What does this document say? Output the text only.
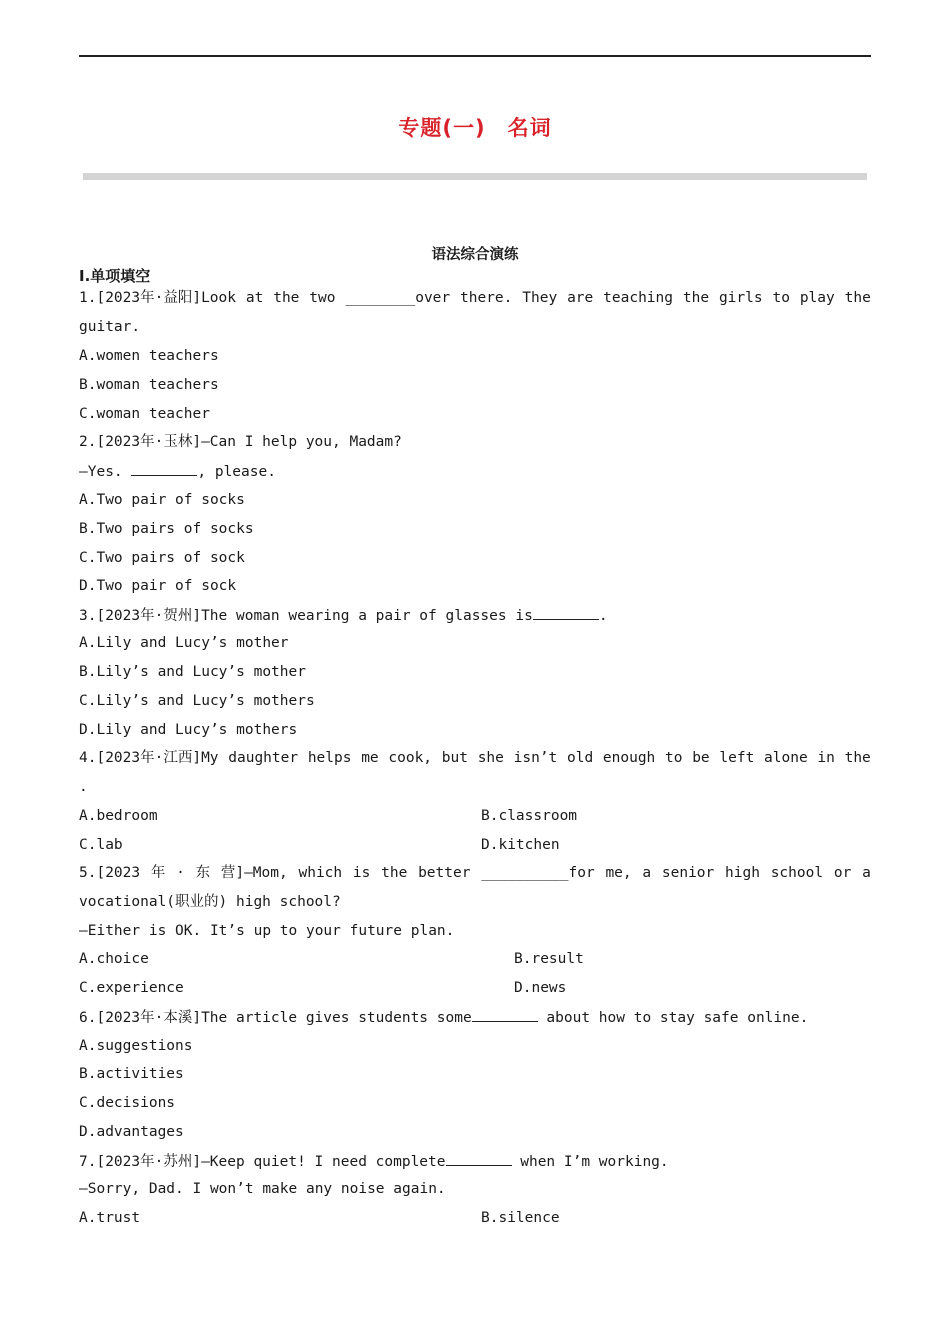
专题(一) 名词
语法综合演练
Ⅰ.单项填空
1.[2023年·益阳]Look at the two ________over there. They are teaching the girls to play the
guitar.
A.women teachers
B.woman teachers
C.woman teacher
2.[2023年·玉林]—Can I help you, Madam?
—Yes.	, please.
A.Two pair of socks
B.Two pairs of socks
C.Two pairs of sock
D.Two pair of sock
3.[2023年·贺州]The woman wearing a pair of glasses is	.
A.Lily and Lucy’s mother
B.Lily’s and Lucy’s mother
C.Lily’s and Lucy’s mothers
D.Lily and Lucy’s mothers
4.[2023年·江西]My daughter helps me cook, but she isn’t old enough to be left alone in the
.
A.bedroom	B.classroom
C.lab	D.kitchen
5.[2023 年 · 东 营]—Mom, which is the better __________for me, a senior high school or a
vocational(职业的) high school?
—Either is OK. It’s up to your future plan.
A.choice	B.result
C.experience	D.news
6.[2023年·本溪]The article gives students some	about how to stay safe online.
A.suggestions
B.activities
C.decisions
D.advantages
7.[2023年·苏州]—Keep quiet! I need complete	when I’m working.
—Sorry, Dad. I won’t make any noise again.
A.trust	B.silence
